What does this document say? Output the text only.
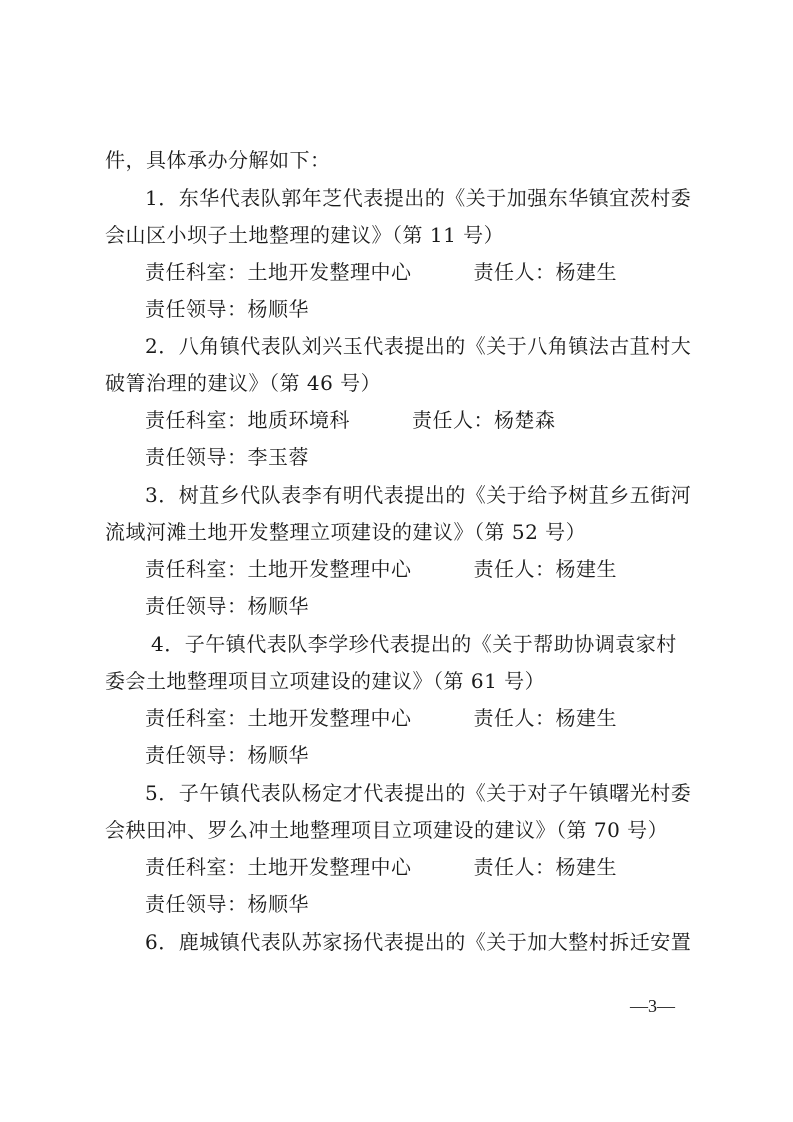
件，具体承办分解如下：
1．东华代表队郭年芝代表提出的《关于加强东华镇宜茨村委
会山区小坝子土地整理的建议》（第 11 号）
责任科室：土地开发整理中心	责任人：杨建生
责任领导：杨顺华
2．八角镇代表队刘兴玉代表提出的《关于八角镇法古苴村大
破箐治理的建议》（第 46 号）
责任科室：地质环境科	责任人：杨楚森
责任领导：李玉蓉
3．树苴乡代队表李有明代表提出的《关于给予树苴乡五街河
流域河滩土地开发整理立项建设的建议》（第 52 号）
责任科室：土地开发整理中心	责任人：杨建生
责任领导：杨顺华
4．子午镇代表队李学珍代表提出的《关于帮助协调袁家村
委会土地整理项目立项建设的建议》（第 61 号）
责任科室：土地开发整理中心	责任人：杨建生
责任领导：杨顺华
5．子午镇代表队杨定才代表提出的《关于对子午镇曙光村委
会秧田冲、罗么冲土地整理项目立项建设的建议》（第 70 号）
责任科室：土地开发整理中心	责任人：杨建生
责任领导：杨顺华
6．鹿城镇代表队苏家扬代表提出的《关于加大整村拆迁安置
—3—
